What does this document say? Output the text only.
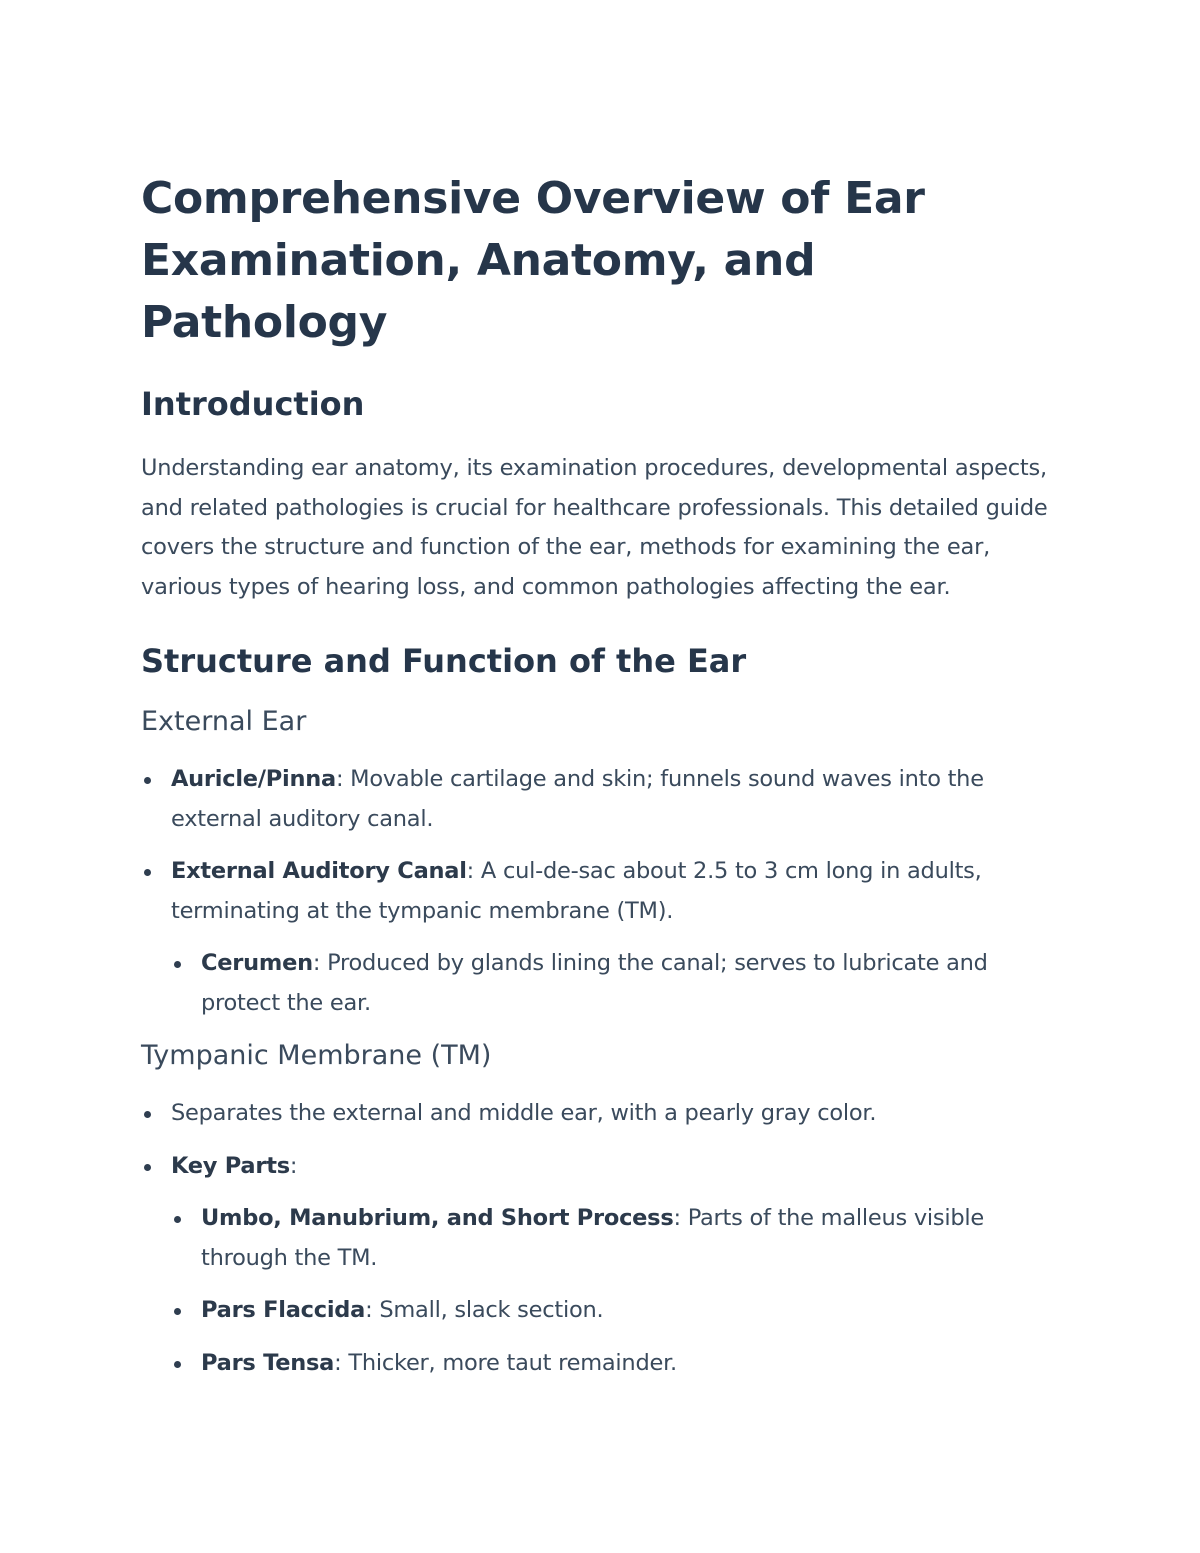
Comprehensive Overview of Ear Examination, Anatomy, and Pathology
Introduction

Understanding ear anatomy, its examination procedures, developmental aspects, and related pathologies is crucial for healthcare professionals. This detailed guide covers the structure and function of the ear, methods for examining the ear, various types of hearing loss, and common pathologies affecting the ear.

Structure and Function of the Ear
External Ear
Auricle/Pinna: Movable cartilage and skin; funnels sound waves into the external auditory canal.
External Auditory Canal: A cul-de-sac about 2.5 to 3 cm long in adults, terminating at the tympanic membrane (TM).
Cerumen: Produced by glands lining the canal; serves to lubricate and protect the ear.
Tympanic Membrane (TM)
Separates the external and middle ear, with a pearly gray color.
Key Parts:
Umbo, Manubrium, and Short Process: Parts of the malleus visible through the TM.
Pars Flaccida: Small, slack section.
Pars Tensa: Thicker, more taut remainder.
